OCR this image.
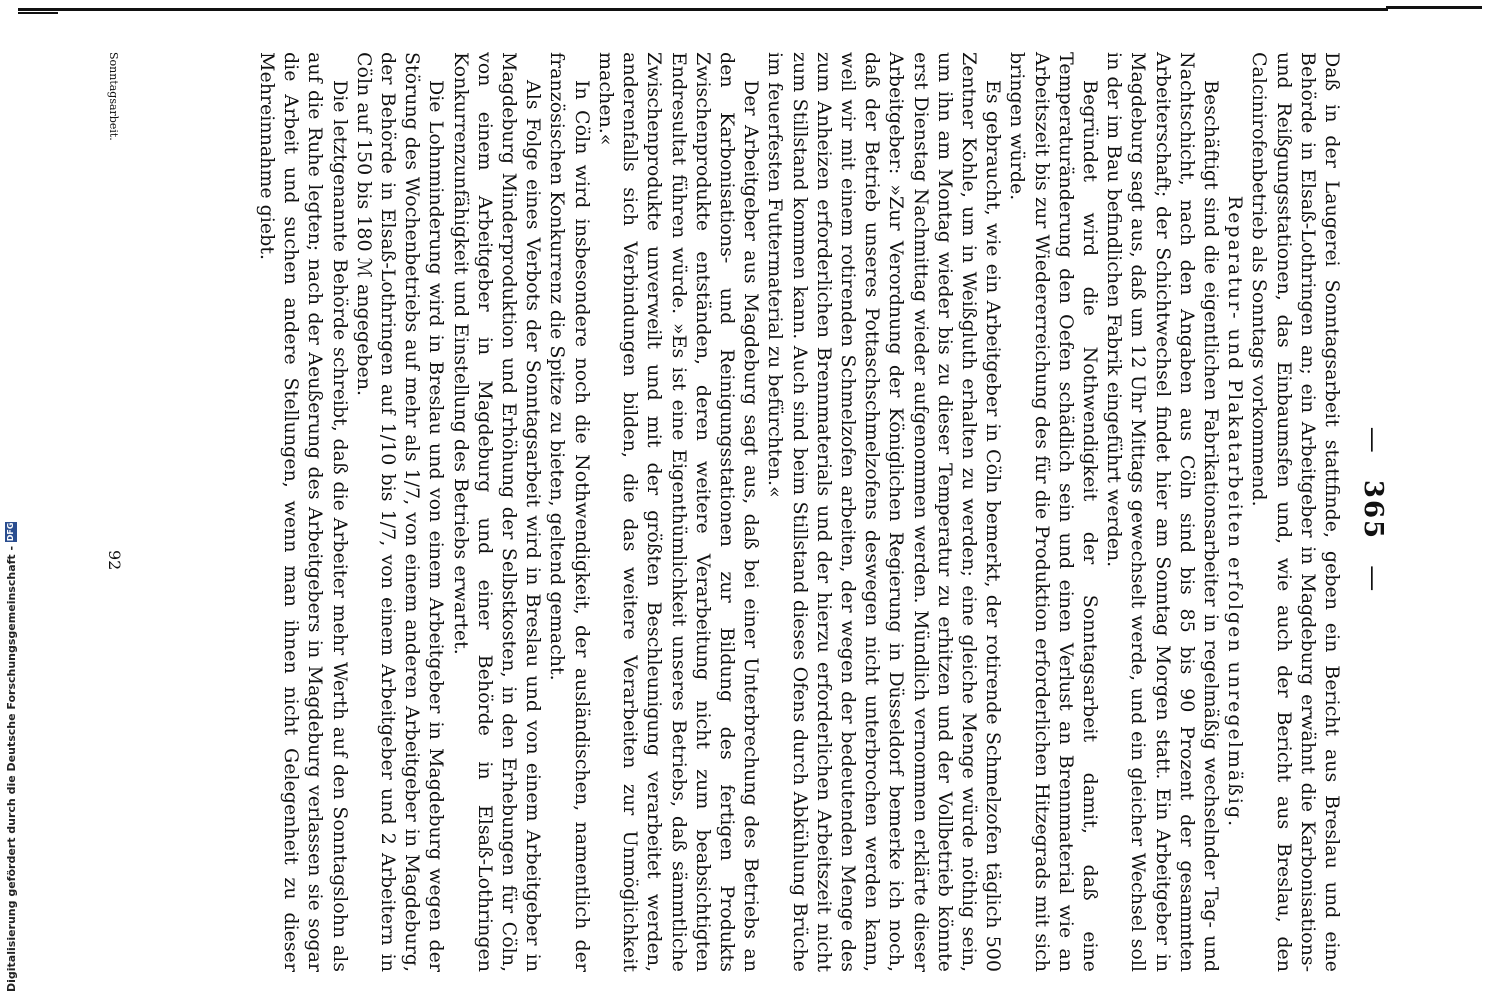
— 365 —

Daß in der Laugerei Sonntagsarbeit stattfinde, geben ein Bericht aus Breslau und eine Behörde in Elsaß-Lothringen an; ein Arbeitgeber in Magdeburg erwähnt die Karbonisations- und Reißgungsstationen, das Einbaumsfen und, wie auch der Bericht aus Breslau, den Calcinirofenbetrieb als Sonntags vorkommend.

Reparatur- und Plakatarbeiten erfolgen unregelmäßig.

Beschäftigt sind die eigentlichen Fabrikationsarbeiter in regelmäßig wechselnder Tag- und Nachtschicht, nach den Angaben aus Cöln sind bis 85 bis 90 Prozent der gesammten Arbeiterschaft; der Schichtwechsel findet hier am Sonntag Morgen statt. Ein Arbeitgeber in Magdeburg sagt aus, daß um 12 Uhr Mittags gewechselt werde, und ein gleicher Wechsel soll in der im Bau befindlichen Fabrik eingeführt werden.

Begründet wird die Nothwendigkeit der Sonntagsarbeit damit, daß eine Temperaturänderung den Oefen schädlich sein und einen Verlust an Brennmaterial wie an Arbeitszeit bis zur Wiedererreichung des für die Produktion erforderlichen Hitzegrads mit sich bringen würde.

Es gebraucht, wie ein Arbeitgeber in Cöln bemerkt, der rotirende Schmelzofen täglich 500 Zentner Kohle, um in Weißgluth erhalten zu werden; eine gleiche Menge würde nöthig sein, um ihn am Montag wieder bis zu dieser Temperatur zu erhitzen und der Vollbetrieb könnte erst Dienstag Nachmittag wieder aufgenommen werden. Mündlich vernommen erklärte dieser Arbeitgeber: »Zur Verordnung der Königlichen Regierung in Düsseldorf bemerke ich noch, daß der Betrieb unseres Pottaschschmelzofens deswegen nicht unterbrochen werden kann, weil wir mit einem rotirenden Schmelzofen arbeiten, der wegen der bedeutenden Menge des zum Anheizen erforderlichen Brennmaterials und der hierzu erforderlichen Arbeitszeit nicht zum Stillstand kommen kann. Auch sind beim Stillstand dieses Ofens durch Abkühlung Brüche im feuerfesten Futtermaterial zu befürchten.«

Der Arbeitgeber aus Magdeburg sagt aus, daß bei einer Unterbrechung des Betriebs an den Karbonisations- und Reinigungsstationen zur Bildung des fertigen Produkts Zwischenprodukte entständen, deren weitere Verarbeitung nicht zum beabsichtigten Endresultat führen würde. »Es ist eine Eigenthümlichkeit unseres Betriebs, daß sämmtliche Zwischenprodukte unverweilt und mit der größten Beschleunigung verarbeitet werden, anderenfalls sich Verbindungen bilden, die das weitere Verarbeiten zur Unmöglichkeit machen.«

In Cöln wird insbesondere noch die Nothwendigkeit, der ausländischen, namentlich der französischen Konkurrenz die Spitze zu bieten, geltend gemacht.

Als Folge eines Verbots der Sonntagsarbeit wird in Breslau und von einem Arbeitgeber in Magdeburg Minderproduktion und Erhöhung der Selbstkosten, in den Erhebungen für Cöln, von einem Arbeitgeber in Magdeburg und einer Behörde in Elsaß-Lothringen Konkurrenzunfähigkeit und Einstellung des Betriebs erwartet.

Die Lohnminderung wird in Breslau und von einem Arbeitgeber in Magdeburg wegen der Störung des Wochenbetriebs auf mehr als 1/7, von einem anderen Arbeitgeber in Magdeburg, der Behörde in Elsaß-Lothringen auf 1/10 bis 1/7, von einem Arbeitgeber und 2 Arbeitern in Cöln auf 150 bis 180 ℳ angegeben.

Die letztgenannte Behörde schreibt, daß die Arbeiter mehr Werth auf den Sonntagslohn als auf die Ruhe legten; nach der Aeußerung des Arbeitgebers in Magdeburg verlassen sie sogar die Arbeit und suchen andere Stellungen, wenn man ihnen nicht Gelegenheit zu dieser Mehreinnahme giebt.

Sonntagsarbeit.
92
Digitalisierung gefördert durch die Deutsche Forschungsgemeinschaft -
DFG
